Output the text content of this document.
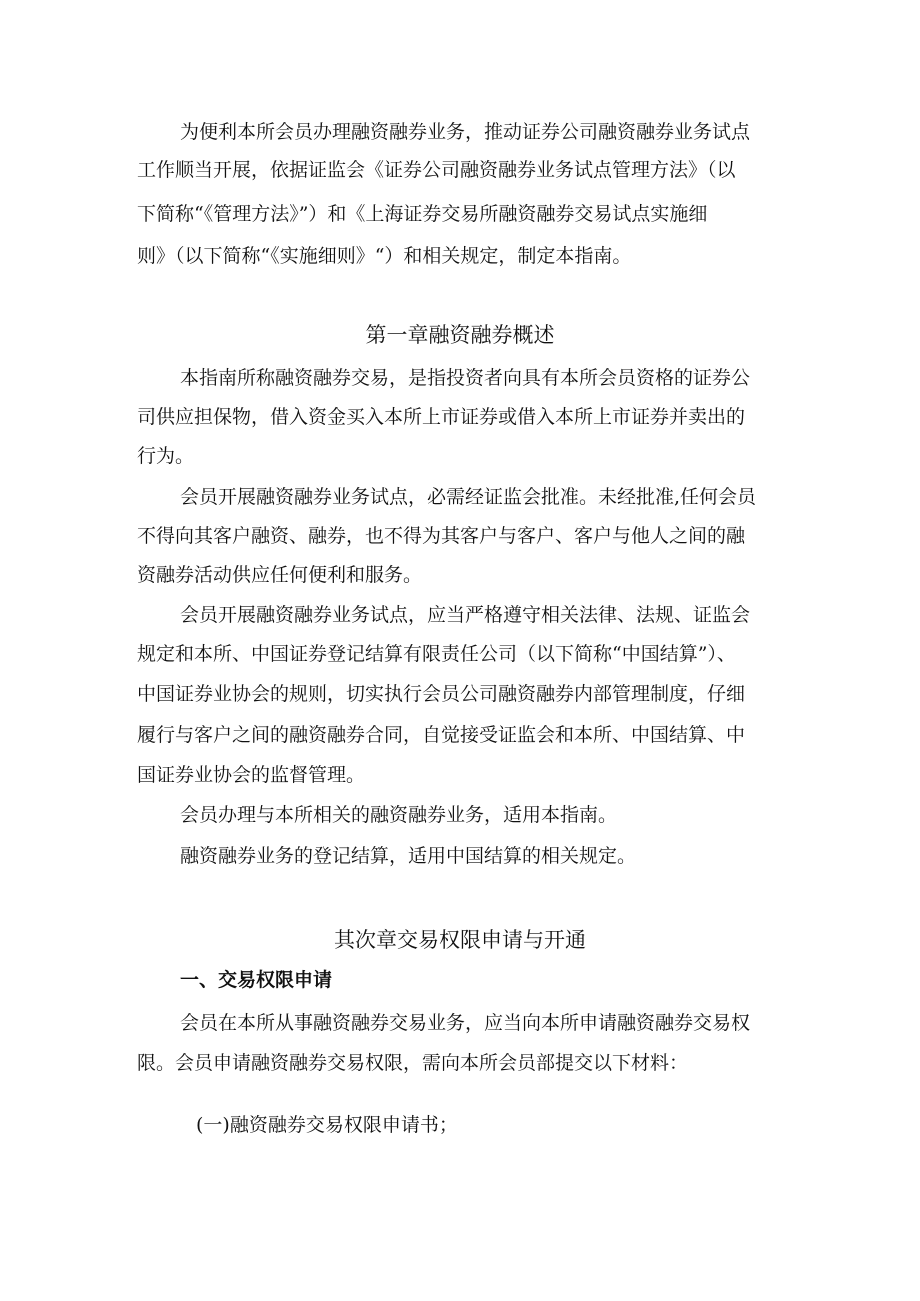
为便利本所会员办理融资融券业务，推动证券公司融资融券业务试点
工作顺当开展，依据证监会《证券公司融资融券业务试点管理方法》（以
下简称“《管理方法》”）和《上海证券交易所融资融券交易试点实施细
则》（以下简称“《实施细则》“）和相关规定，制定本指南。
第一章融资融券概述
本指南所称融资融券交易，是指投资者向具有本所会员资格的证券公
司供应担保物，借入资金买入本所上市证券或借入本所上市证券并卖出的
行为。
会员开展融资融券业务试点，必需经证监会批准。未经批准,任何会员
不得向其客户融资、融券，也不得为其客户与客户、客户与他人之间的融
资融券活动供应任何便利和服务。
会员开展融资融券业务试点，应当严格遵守相关法律、法规、证监会
规定和本所、中国证券登记结算有限责任公司（以下简称“中国结算”）、
中国证券业协会的规则，切实执行会员公司融资融券内部管理制度，仔细
履行与客户之间的融资融券合同，自觉接受证监会和本所、中国结算、中
国证券业协会的监督管理。
会员办理与本所相关的融资融券业务，适用本指南。
融资融券业务的登记结算，适用中国结算的相关规定。
其次章交易权限申请与开通
一、交易权限申请
会员在本所从事融资融券交易业务，应当向本所申请融资融券交易权
限。会员申请融资融券交易权限，需向本所会员部提交以下材料：
(一)融资融券交易权限申请书；
